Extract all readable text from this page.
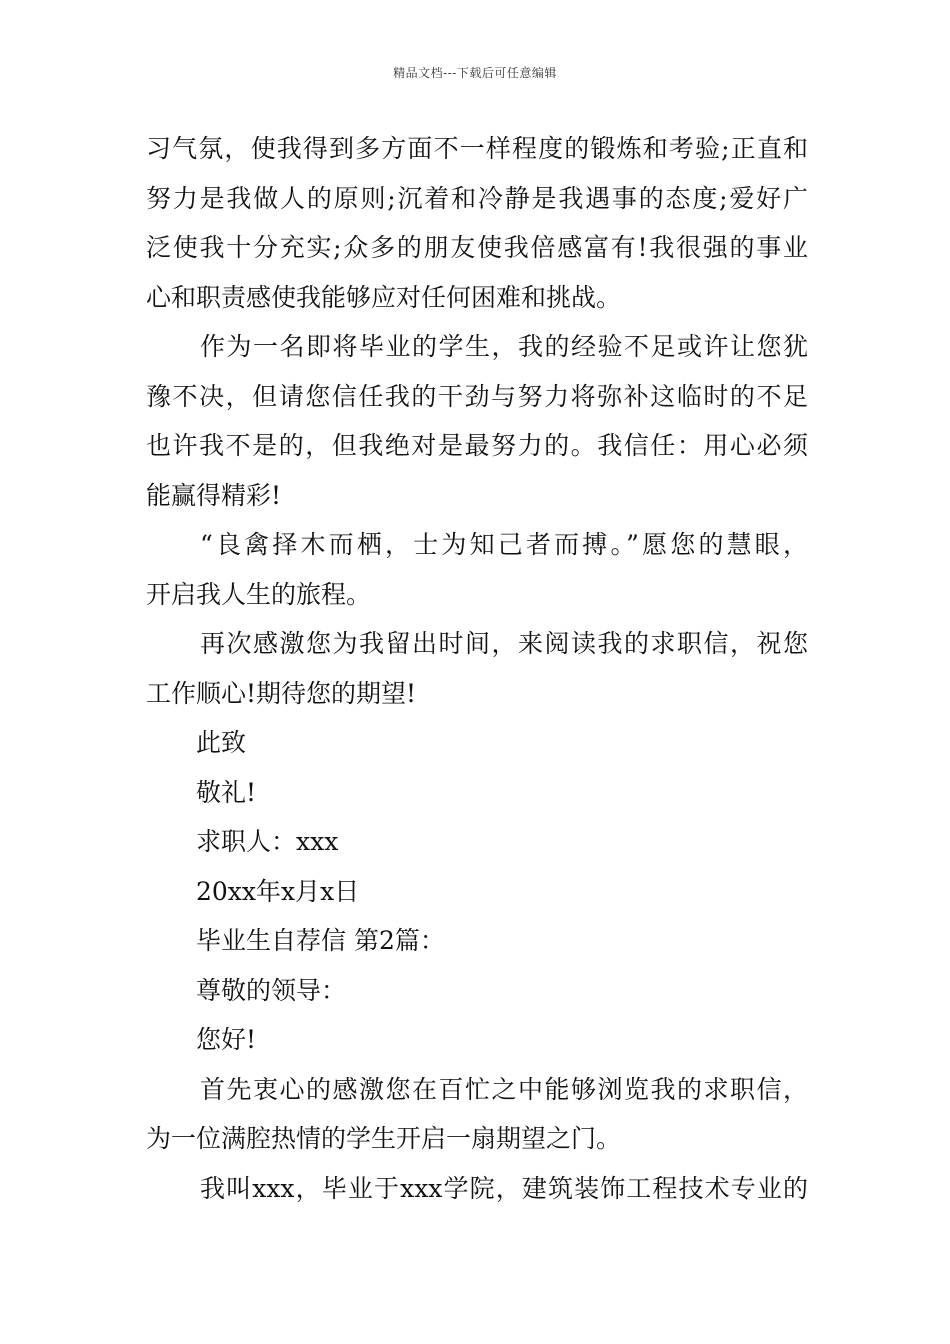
精品文档---下载后可任意编辑
习气氛，使我得到多方面不一样程度的锻炼和考验;正直和
努力是我做人的原则;沉着和冷静是我遇事的态度;爱好广
泛使我十分充实;众多的朋友使我倍感富有!我很强的事业
心和职责感使我能够应对任何困难和挑战。
作为一名即将毕业的学生，我的经验不足或许让您犹
豫不决，但请您信任我的干劲与努力将弥补这临时的不足
也许我不是的，但我绝对是最努力的。我信任：用心必须
能赢得精彩!
“良禽择木而栖，士为知己者而搏。”愿您的慧眼，
开启我人生的旅程。
再次感激您为我留出时间，来阅读我的求职信，祝您
工作顺心!期待您的期望!
此致
敬礼!
求职人：xxx
20xx年x月x日
毕业生自荐信 第2篇：
尊敬的领导：
您好!
首先衷心的感激您在百忙之中能够浏览我的求职信，
为一位满腔热情的学生开启一扇期望之门。
我叫xxx，毕业于xxx学院，建筑装饰工程技术专业的
